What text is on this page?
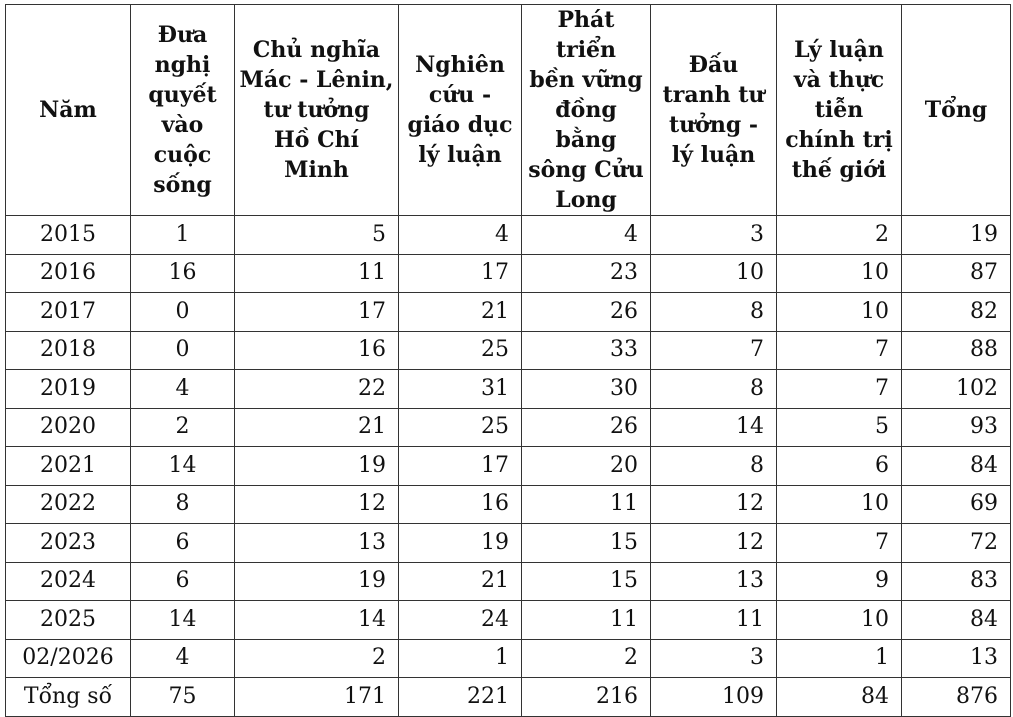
Năm	Đưa
nghị
quyết
vào cuộc
sống	Chủ nghĩa
Mác - Lênin,
tư tưởng
Hồ Chí Minh	Nghiên
cứu -
giáo dục
lý luận	Phát triển
bền vững
đồng bằng
sông Cửu
Long	Đấu
tranh tư
tưởng -
lý luận	Lý luận
và thực
tiễn
chính trị
thế giới	Tổng
2015	1	5	4	4	3	2	19
2016	16	11	17	23	10	10	87
2017	0	17	21	26	8	10	82
2018	0	16	25	33	7	7	88
2019	4	22	31	30	8	7	102
2020	2	21	25	26	14	5	93
2021	14	19	17	20	8	6	84
2022	8	12	16	11	12	10	69
2023	6	13	19	15	12	7	72
2024	6	19	21	15	13	9	83
2025	14	14	24	11	11	10	84
02/2026	4	2	1	2	3	1	13
Tổng số	75	171	221	216	109	84	876
